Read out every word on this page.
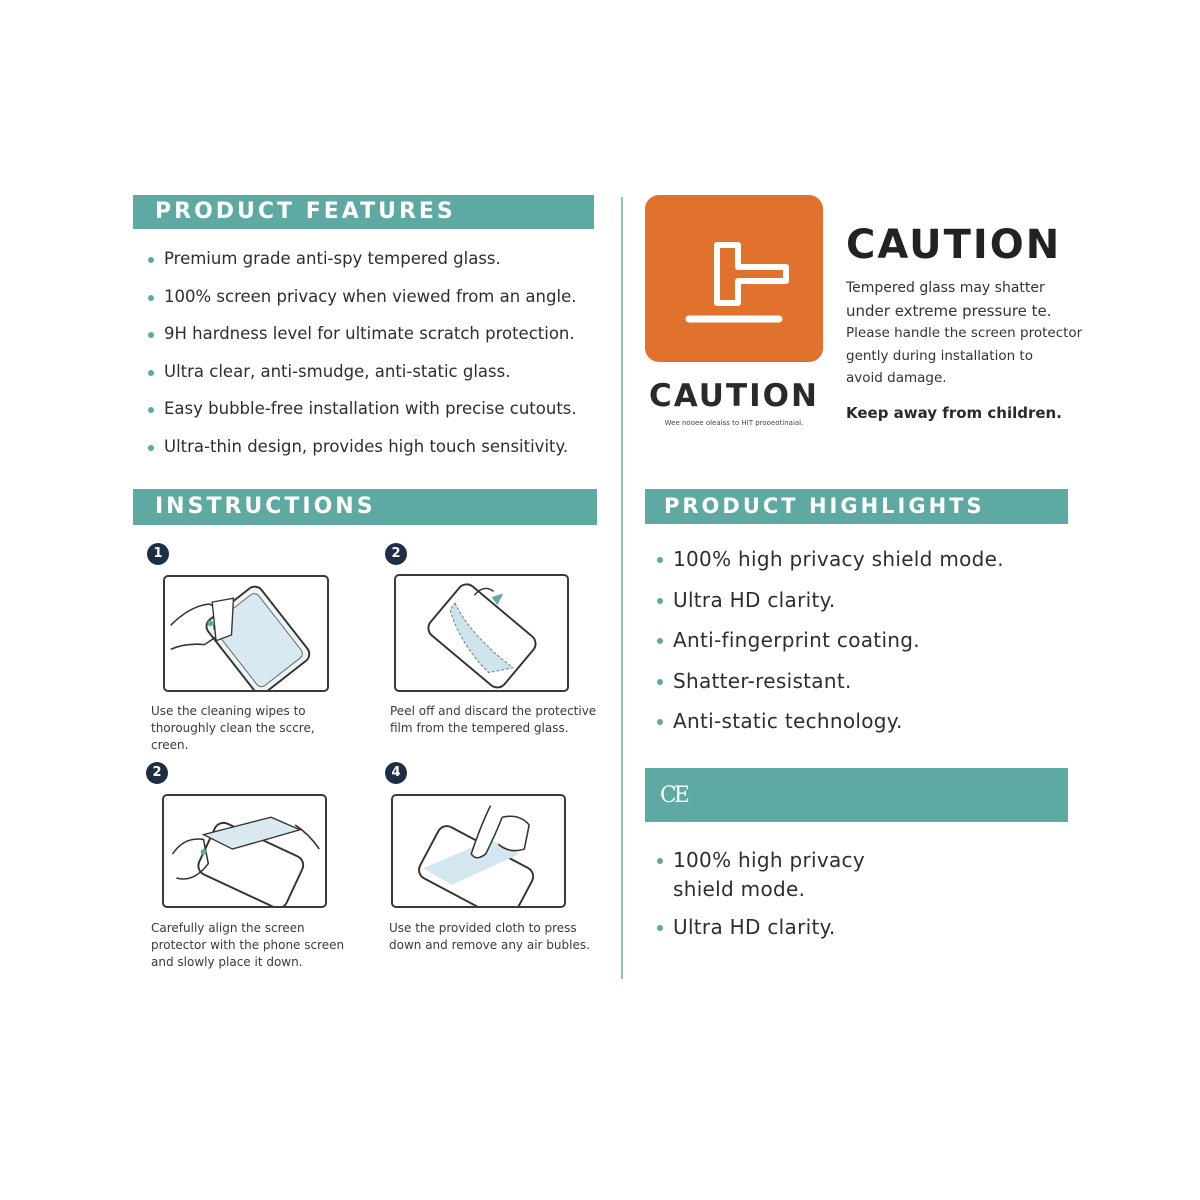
PRODUCT FEATURES
Premium grade anti-spy tempered glass.
100% screen privacy when viewed from an angle.
9H hardness level for ultimate scratch protection.
Ultra clear, anti-smudge, anti-static glass.
Easy bubble-free installation with precise cutouts.
Ultra-thin design, provides high touch sensitivity.
CAUTION
Wee nooee oleaiss to HIT prooeotinaial.
CAUTION
Tempered glass may shatter
under extreme pressure te.
Please handle the screen protector
gently during installation to
avoid damage.
Keep away from children.
INSTRUCTIONS
1
Use the cleaning wipes to
thoroughly clean the sccre, creen.
2
Peel off and discard the protective
film from the tempered glass.
2
Carefully align the screen
protector with the phone screen
and slowly place it down.
4
Use the provided cloth to press
down and remove any air bubles.
PRODUCT HIGHLIGHTS
100% high privacy shield mode.
Ultra HD clarity.
Anti-fingerprint coating.
Shatter-resistant.
Anti-static technology.
CE
100% high privacy
shield mode.
Ultra HD clarity.
